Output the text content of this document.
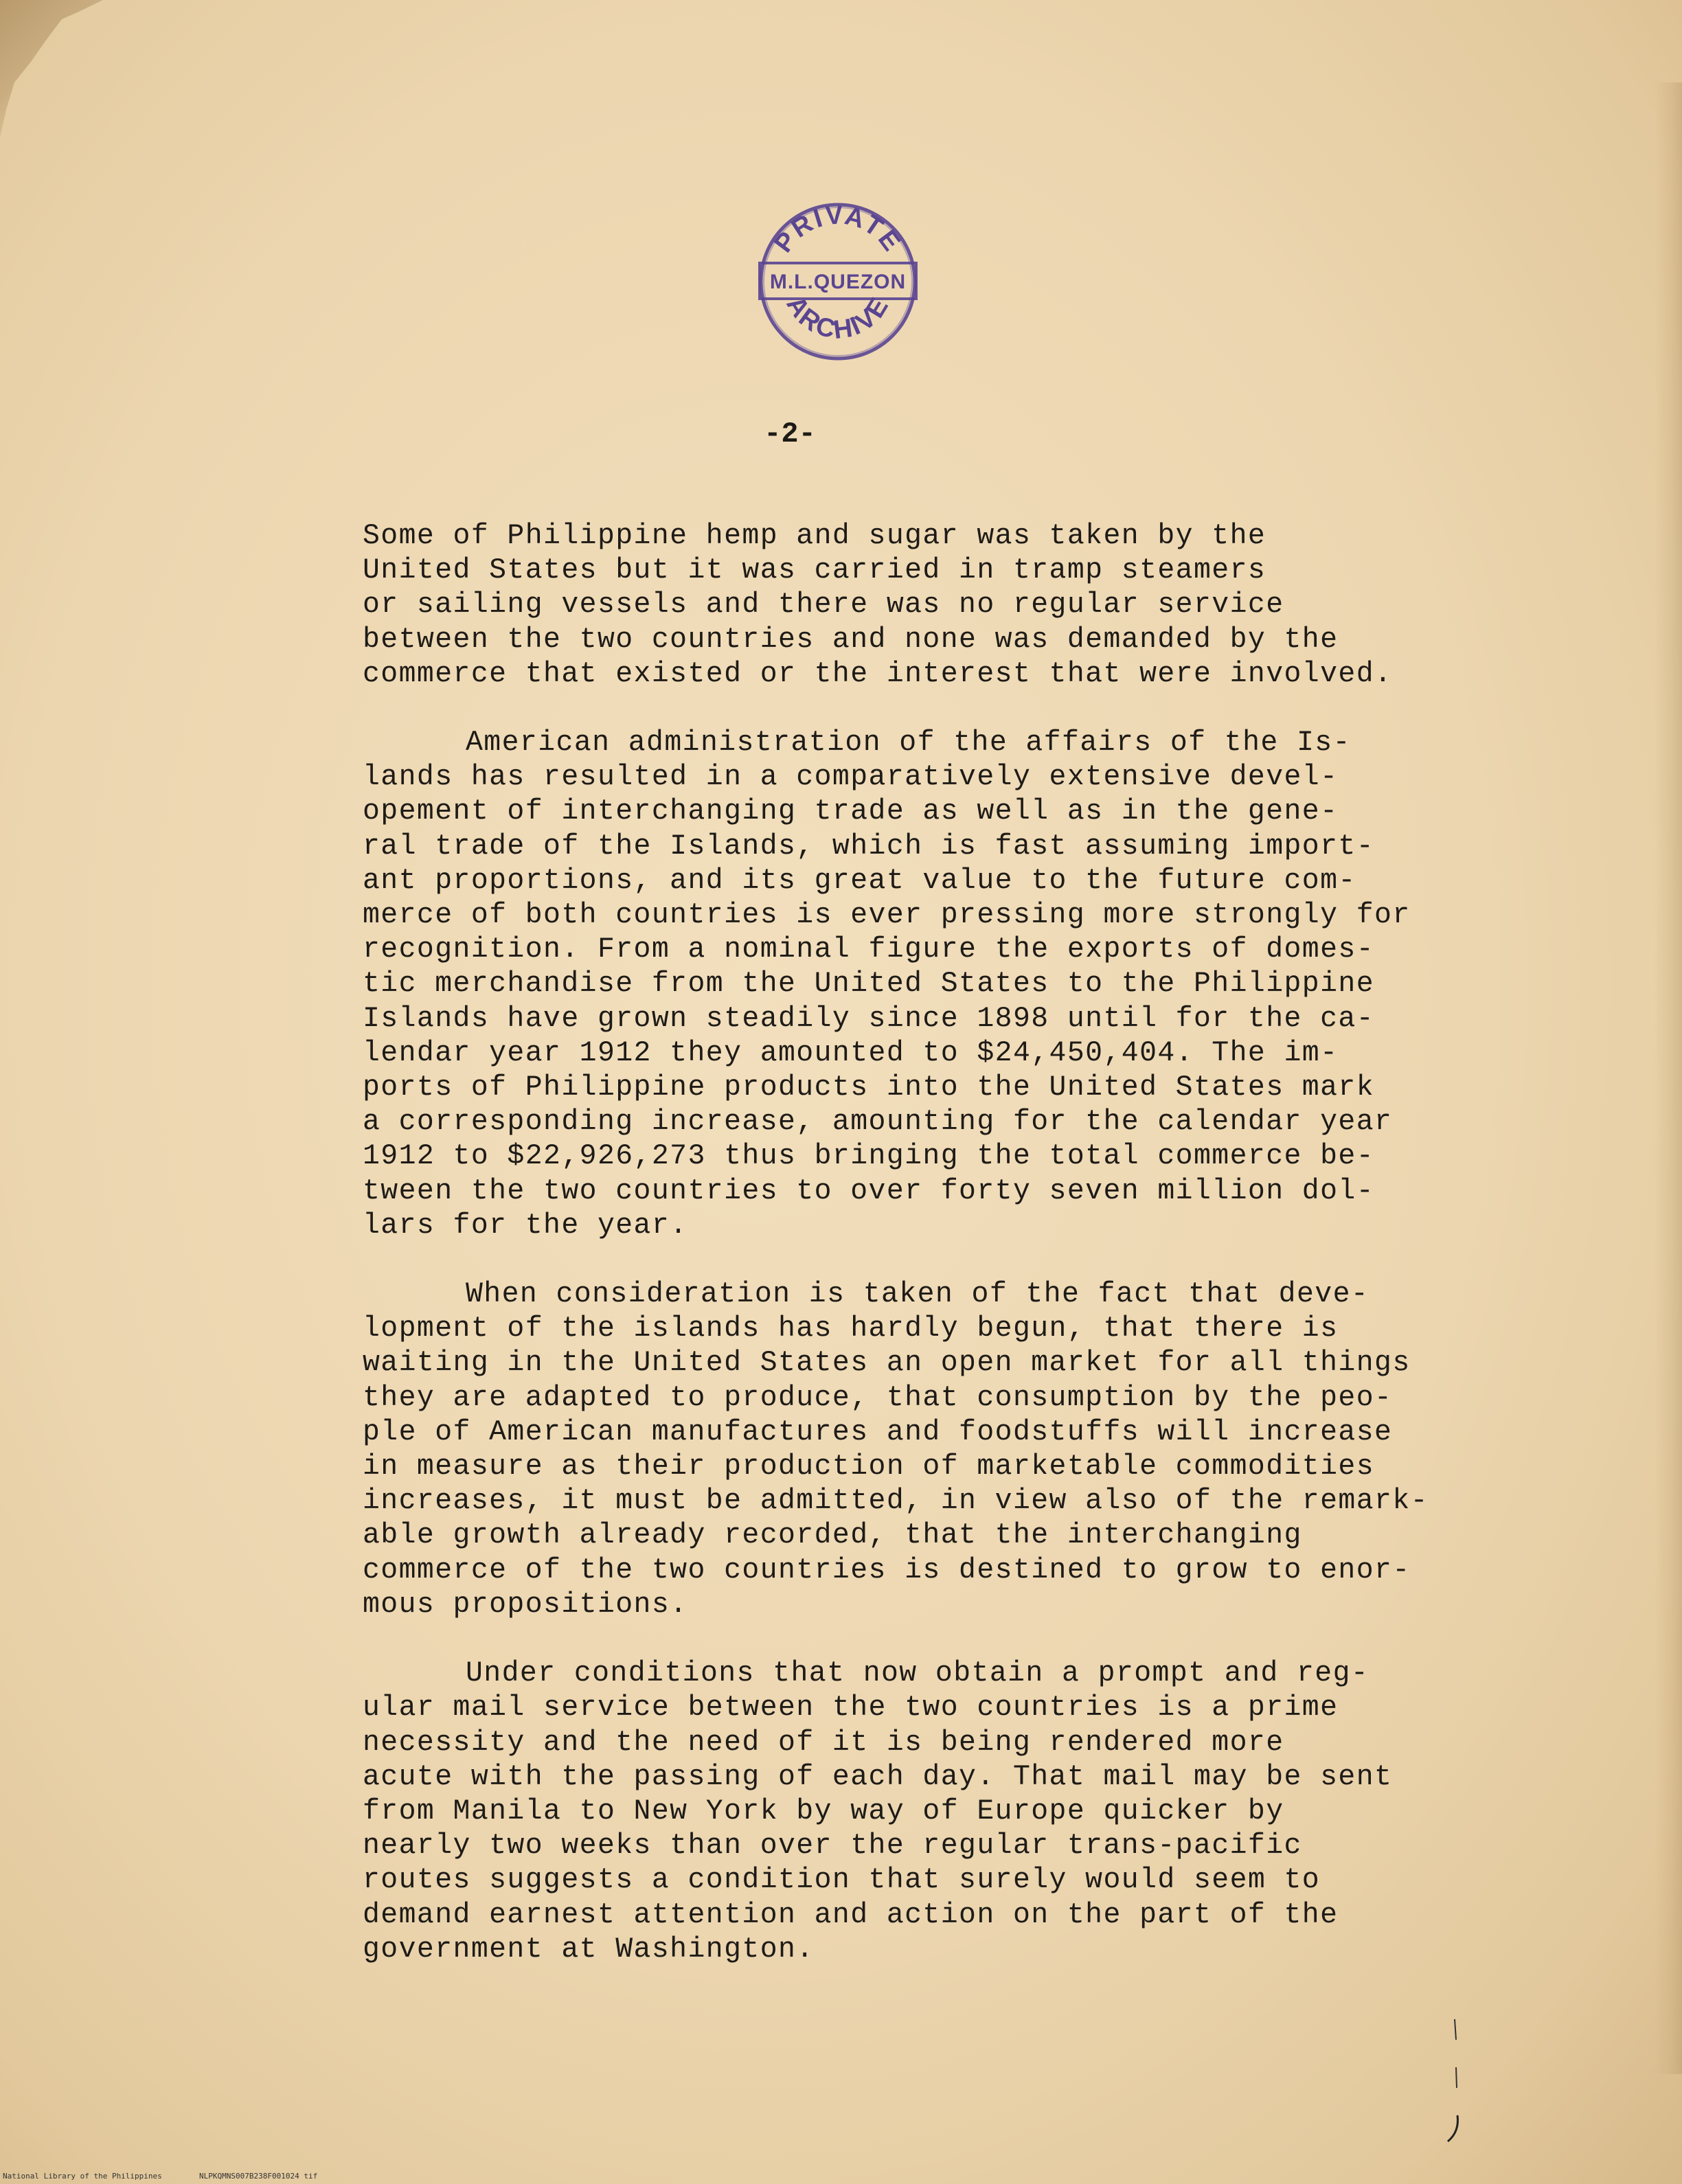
PRIVATE
ARCHIVE
M.L.QUEZON
-2-
Some of Philippine hemp and sugar was taken by the
United States but it was carried in tramp steamers
or sailing vessels and there was no regular service
between the two countries and none was demanded by the
commerce that existed or the interest that were involved.
American administration of the affairs of the Is-
lands has resulted in a comparatively extensive devel-
opement of interchanging trade as well as in the gene-
ral trade of the Islands, which is fast assuming import-
ant proportions, and its great value to the future com-
merce of both countries is ever pressing more strongly for
recognition. From a nominal figure the exports of domes-
tic merchandise from the United States to the Philippine
Islands have grown steadily since 1898 until for the ca-
lendar year 1912 they amounted to $24,450,404. The im-
ports of Philippine products into the United States mark
a corresponding increase, amounting for the calendar year
1912 to $22,926,273 thus bringing the total commerce be-
tween the two countries to over forty seven million dol-
lars for the year.
When consideration is taken of the fact that deve-
lopment of the islands has hardly begun, that there is
waiting in the United States an open market for all things
they are adapted to produce, that consumption by the peo-
ple of American manufactures and foodstuffs will increase
in measure as their production of marketable commodities
increases, it must be admitted, in view also of the remark-
able growth already recorded, that the interchanging
commerce of the two countries is destined to grow to enor-
mous propositions.
Under conditions that now obtain a prompt and reg-
ular mail service between the two countries is a prime
necessity and the need of it is being rendered more
acute with the passing of each day. That mail may be sent
from Manila to New York by way of Europe quicker by
nearly two weeks than over the regular trans-pacific
routes suggests a condition that surely would seem to
demand earnest attention and action on the part of the
government at Washington.
National Library of the Philippines	NLPKQMNS007B238F001024 tif
